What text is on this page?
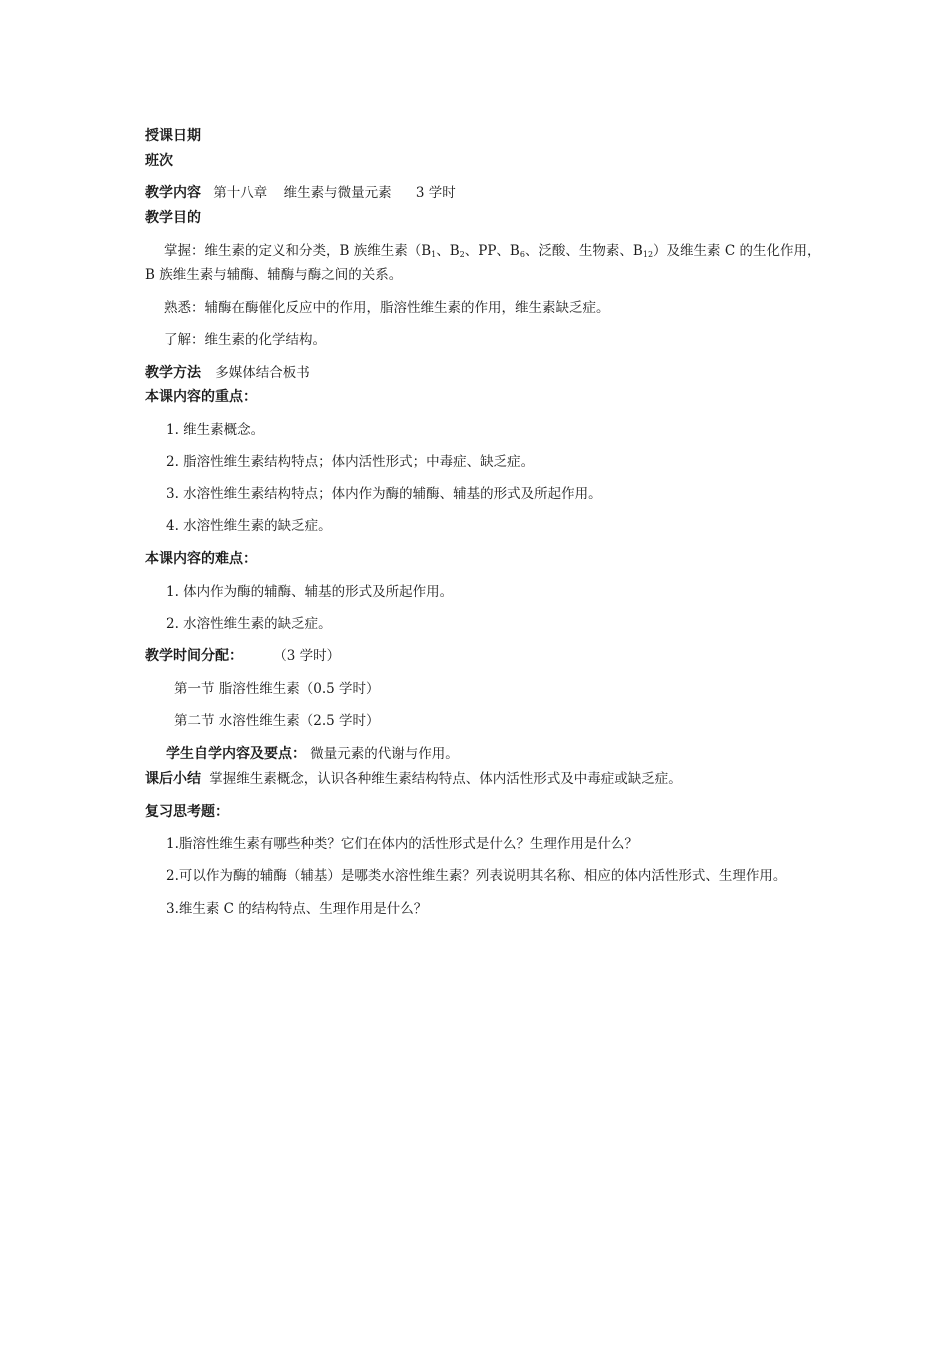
授课日期
班次
教学内容 第十八章 维生素与微量元素 3 学时
教学目的
掌握：维生素的定义和分类，B 族维生素（$B_1$、$B_2$、PP、$B_6$、泛酸、生物素、$B_{12}$）及维生素 C 的生化作用，
B 族维生素与辅酶、辅酶与酶之间的关系。
熟悉：辅酶在酶催化反应中的作用，脂溶性维生素的作用，维生素缺乏症。
了解：维生素的化学结构。
教学方法 多媒体结合板书
本课内容的重点：
1. 维生素概念。
2. 脂溶性维生素结构特点；体内活性形式；中毒症、缺乏症。
3. 水溶性维生素结构特点；体内作为酶的辅酶、辅基的形式及所起作用。
4. 水溶性维生素的缺乏症。
本课内容的难点：
1. 体内作为酶的辅酶、辅基的形式及所起作用。
2. 水溶性维生素的缺乏症。
教学时间分配： （3 学时）
第一节 脂溶性维生素（0.5 学时）
第二节 水溶性维生素（2.5 学时）
学生自学内容及要点： 微量元素的代谢与作用。
课后小结 掌握维生素概念，认识各种维生素结构特点、体内活性形式及中毒症或缺乏症。
复习思考题：
1.脂溶性维生素有哪些种类？它们在体内的活性形式是什么？生理作用是什么？
2.可以作为酶的辅酶（辅基）是哪类水溶性维生素？列表说明其名称、相应的体内活性形式、生理作用。
3.维生素 C 的结构特点、生理作用是什么？
